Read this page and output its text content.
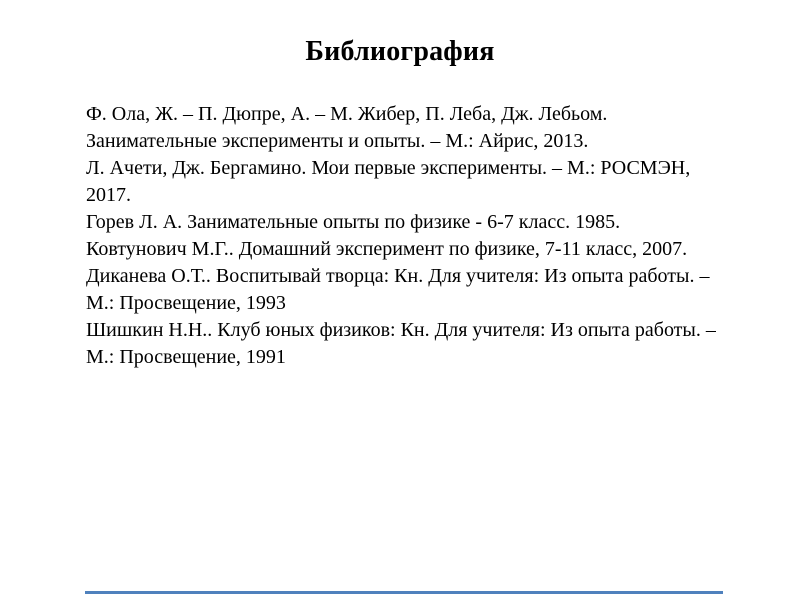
Библиография

Ф. Ола, Ж. – П. Дюпре, А. – М. Жибер, П. Леба, Дж. Лебьом. Занимательные эксперименты и опыты. – М.: Айрис, 2013.

Л. Ачети, Дж. Бергамино. Мои первые эксперименты. – М.: РОСМЭН, 2017.

Горев Л. А. Занимательные опыты по физике - 6-7 класс. 1985.

Ковтунович М.Г.. Домашний эксперимент по физике, 7-11 класс, 2007.

Диканева О.Т.. Воспитывай творца: Кн. Для учителя: Из опыта работы. – М.: Просвещение, 1993

Шишкин Н.Н.. Клуб юных физиков: Кн. Для учителя: Из опыта работы. – М.: Просвещение, 1991
